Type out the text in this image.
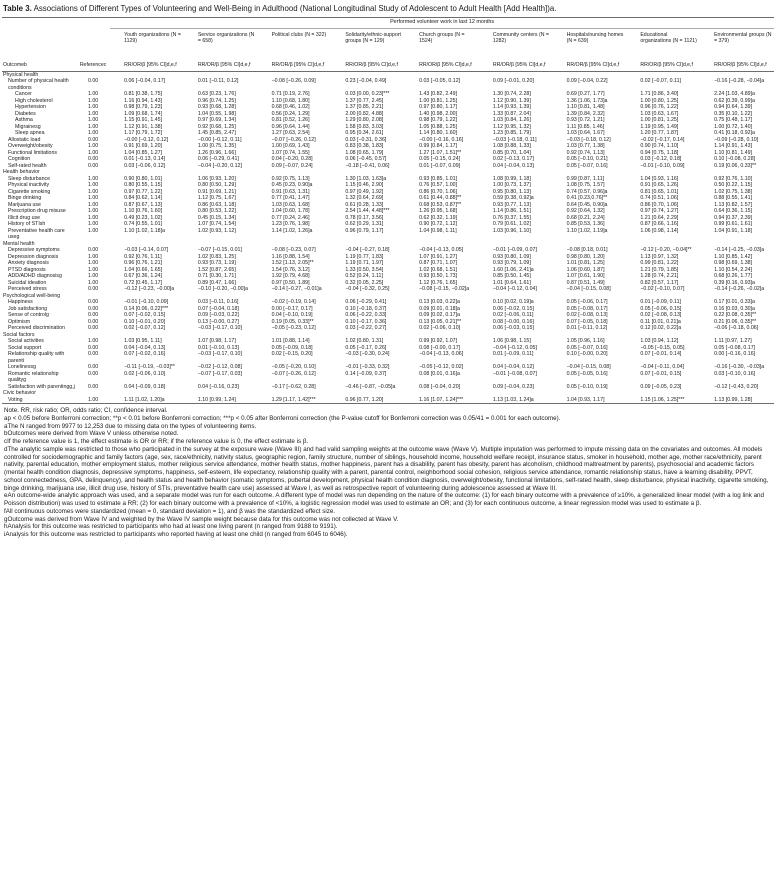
Table 3. Associations of Different Types of Volunteering and Well-Being in Adulthood (National Longitudinal Study of Adolescent to Adult Health [Add Health])a.
		Performed volunteer work in last 12 months								
		Youth organizations (N = 1129)	Service organizations (N = 658)	Political clubs (N = 322)	Solidarity/ethnic-support groups (N = 129)	Church groups (N = 1524)	Community centers (N = 1282)	Hospitals/nursing homes (N = 639)	Educational organizations (N = 1121)	Environmental groups (N = 379)
Outcomeb	Referencec	RR/OR/β [95% CI]d,e,f	RR/OR/β [95% CI]d,e,f	RR/OR/β [95% CI]d,e,f	RR/OR/β [95% CI]d,e,f	RR/OR/β [95% CI]d,e,f	RR/OR/β [95% CI]d,e,f	RR/OR/β [95% CI]d,e,f	RR/OR/β [95% CI]d,e,f	RR/OR/β [95% CI]d,e,f
Physical health										
Number of physical health conditions	0.00	0.06 [−0.04, 0.17]	0.01 [−0.11, 0.12]	−0.08 [−0.26, 0.09]	0.23 [−0.04, 0.49]	0.03 [−0.05, 0.12]	0.09 [−0.01, 0.20]	0.09 [−0.04, 0.22]	0.02 [−0.07, 0.11]	−0.16 [−0.28, −0.04]a
Cancer	1.00	0.81 [0.38, 1.75]	0.63 [0.23, 1.76]	0.71 [0.19, 2.76]	0.03 [0.00, 0.23]***	1.43 [0.82, 2.49]	1.30 [0.74, 2.28]	0.69 [0.27, 1.77]	1.71 [0.86, 3.40]	2.24 [1.03, 4.89]a
High cholesterol	1.00	1.16 [0.94, 1.43]	0.96 [0.74, 1.25]	1.10 [0.68, 1.80]	1.37 [0.77, 2.45]	1.00 [0.81, 1.25]	1.12 [0.90, 1.39]	1.36 [1.06, 1.73]a	1.00 [0.80, 1.25]	0.62 [0.39, 0.99]a
Hypertension	1.00	0.98 [0.79, 1.23]	0.93 [0.68, 1.28]	0.68 [0.46, 1.02]	1.37 [0.85, 2.21]	0.97 [0.80, 1.17]	1.14 [0.93, 1.39]	1.10 [0.81, 1.48]	0.96 [0.76, 1.22]	0.94 [0.64, 1.39]
Diabetes	1.00	1.09 [0.68, 1.74]	1.04 [0.55, 1.98]	0.56 [0.24, 1.29]	2.00 [0.82, 4.88]	1.40 [0.98, 2.00]	1.33 [0.87, 2.04]	1.39 [0.84, 2.32]	1.03 [0.63, 1.67]	0.35 [0.10, 1.22]
Asthma	1.00	1.15 [0.91, 1.45]	0.97 [0.69, 1.34]	0.81 [0.52, 1.26]	1.29 [0.80, 2.08]	0.98 [0.79, 1.22]	1.03 [0.84, 1.26]	0.93 [0.72, 1.21]	1.00 [0.81, 1.25]	0.75 [0.48, 1.17]
Migrainesg	1.00	1.12 [0.91, 1.38]	0.92 [0.68, 1.25]	0.96 [0.64, 1.44]	1.58 [0.83, 3.03]	1.05 [0.88, 1.25]	1.12 [0.95, 1.32]	1.11 [0.85, 1.46]	1.19 [0.95, 1.49]	1.00 [0.72, 1.40]
Sleep apnea	1.00	1.17 [0.79, 1.72]	1.45 [0.85, 2.47]	1.27 [0.63, 2.54]	0.95 [0.34, 2.61]	1.14 [0.80, 1.60]	1.23 [0.85, 1.79]	1.03 [0.64, 1.67]	1.20 [0.77, 1.87]	0.41 [0.18, 0.92]a
Allostatic load	0.00	−0.00 [−0.12, 0.12]	−0.00 [−0.12, 0.11]	−0.07 [−0.26, 0.12]	0.03 [−0.31, 0.36]	−0.00 [−0.16, 0.16]	−0.03 [−0.18, 0.11]	−0.03 [−0.18, 0.12]	−0.02 [−0.17, 0.14]	−0.09 [−0.28, 0.10]
Overweight/obesity	1.00	0.91 [0.69, 1.20]	1.00 [0.75, 1.35]	1.00 [0.69, 1.43]	0.83 [0.38, 1.83]	0.99 [0.84, 1.17]	1.08 [0.88, 1.33]	1.03 [0.77, 1.38]	0.90 [0.74, 1.10]	1.14 [0.91, 1.43]
Functional limitations	1.00	1.04 [0.85, 1.27]	1.26 [0.96, 1.66]	1.07 [0.74, 1.55]	1.08 [0.65, 1.79]	1.27 [1.07, 1.51]**	0.85 [0.70, 1.04]	0.92 [0.74, 1.13]	0.94 [0.75, 1.18]	1.10 [0.81, 1.49]
Cognition	0.00	0.01 [−0.13, 0.14]	0.06 [−0.29, 0.41]	0.04 [−0.20, 0.28]	0.06 [−0.45, 0.57]	0.05 [−0.15, 0.24]	0.02 [−0.13, 0.17]	0.05 [−0.10, 0.21]	0.03 [−0.12, 0.18]	0.10 [−0.08, 0.28]
Self-rated health	0.00	0.03 [−0.06, 0.12]	−0.04 [−0.20, 0.12]	0.09 [−0.07, 0.24]	−0.18 [−0.41, 0.06]	0.01 [−0.07, 0.09]	0.04 [−0.04, 0.13]	0.05 [−0.07, 0.16]	−0.01 [−0.10, 0.09]	0.19 [0.06, 0.33]**
Health behavior										
Sleep disturbance	1.00	0.90 [0.80, 1.01]	1.06 [0.93, 1.20]	0.92 [0.75, 1.13]	1.30 [1.03, 1.63]a	0.93 [0.85, 1.01]	1.08 [0.99, 1.18]	0.99 [0.87, 1.11]	1.04 [0.93, 1.16]	0.92 [0.76, 1.10]
Physical inactivity	1.00	0.80 [0.55, 1.15]	0.80 [0.50, 1.29]	0.45 [0.23, 0.90]a	1.15 [0.46, 2.90]	0.76 [0.57, 1.00]	1.00 [0.73, 1.37]	1.08 [0.75, 1.57]	0.91 [0.65, 1.26]	0.50 [0.22, 1.15]
Cigarette smoking	1.00	0.97 [0.77, 1.22]	0.91 [0.69, 1.21]	0.91 [0.63, 1.31]	0.97 [0.49, 1.92]	0.86 [0.70, 1.06]	0.95 [0.80, 1.13]	0.74 [0.57, 0.96]a	0.81 [0.65, 1.01]	1.02 [0.75, 1.38]
Binge drinking	1.00	0.84 [0.62, 1.14]	1.12 [0.75, 1.67]	0.77 [0.41, 1.47]	1.32 [0.64, 2.69]	0.61 [0.44, 0.88]**	0.59 [0.38, 0.92]a	0.41 [0.23,0.76]**	0.74 [0.51, 1.06]	0.88 [0.55, 1.41]
Marijuana use	1.00	0.87 [0.67, 1.13]	0.86 [0.63, 1.18]	1.03 [0.63, 1.68]	0.61 [0.28, 1.33]	0.68 [0.53, 0.87]**	0.93 [0.77, 1.13]	0.64 [0.45, 0.90]a	0.86 [0.70, 1.06]	1.13 [0.82, 1.57]
Prescription drug misuse	1.00	1.10 [0.76, 1.60]	0.80 [0.53, 1.22]	1.04 [0.60, 1.78]	2.54 [1.44, 4.48]***	1.26 [0.95, 1.68]	1.14 [0.86, 1.51]	0.92 [0.64, 1.32]	0.97 [0.74, 1.27]	0.64 [0.36, 1.15]
Illicit drug use	1.00	0.49 [0.23, 1.02]	0.45 [0.15, 1.34]	0.77 [0.24, 2.46]	0.78 [0.17, 3.56]	0.62 [0.32, 1.19]	0.76 [0.37, 1.55]	0.68 [0.21, 2.24]	1.21 [0.64, 2.29]	0.94 [0.37, 2.39]
History of STIsh	1.00	0.74 [0.55, 1.01]	1.07 [0.74, 1.54]	1.23 [0.76, 1.98]	0.62 [0.29, 1.31]	0.90 [0.72, 1.12]	0.79 [0.61, 1.02]	0.85 [0.53, 1.36]	0.87 [0.66, 1.16]	0.99 [0.61, 1.61]
Preventative health care useg	1.00	1.10 [1.02, 1.18]a	1.02 [0.93, 1.12]	1.14 [1.02, 1.26]a	0.96 [0.79, 1.17]	1.04 [0.98, 1.11]	1.03 [0.96, 1.10]	1.10 [1.02, 1.19]a	1.06 [0.98, 1.14]	1.04 [0.91, 1.18]
Mental health										
Depressive symptoms	0.00	−0.03 [−0.14, 0.07]	−0.07 [−0.15, 0.01]	−0.08 [−0.23, 0.07]	−0.04 [−0.27, 0.18]	−0.04 [−0.13, 0.05]	−0.01 [−0.09, 0.07]	−0.08 [0.18, 0.01]	−0.12 [−0.20, −0.04]**	−0.14 [−0.25, −0.03]a
Depression diagnosis	1.00	0.92 [0.76, 1.11]	1.02 [0.83, 1.25]	1.16 [0.88, 1.54]	1.19 [0.77, 1.83]	1.07 [0.91, 1.27]	0.93 [0.80, 1.09]	0.98 [0.80, 1.20]	1.13 [0.97, 1.32]	1.10 [0.85, 1.42]
Anxiety diagnosis	1.00	0.96 [0.76, 1.21]	0.93 [0.73, 1.19]	1.52 [1.13, 2.05]**	1.19 [0.71, 1.97]	0.87 [0.71, 1.07]	0.93 [0.79, 1.09]	1.01 [0.81, 1.25]	0.99 [0.81, 1.22]	0.98 [0.69, 1.38]
PTSD diagnosis	1.00	1.04 [0.66, 1.65]	1.52 [0.87, 2.65]	1.54 [0.76, 3.12]	1.33 [0.50, 3.54]	1.02 [0.68, 1.51]	1.60 [1.06, 2.41]a	1.06 [0.60, 1.87]	1.21 [0.79, 1.85]	1.10 [0.54, 2.24]
ADD/ADHD diagnosisg	1.00	0.67 [0.36, 1.24]	0.71 [0.30, 1.71]	1.92 [0.79, 4.68]	0.52 [0.24, 1.11]	0.93 [0.50, 1.73]	0.85 [0.50, 1.45]	1.07 [0.61, 1.90]	1.28 [0.74, 2.21]	0.68 [0.26, 1.77]
Suicidal ideation	1.00	0.72 [0.45, 1.17]	0.89 [0.47, 1.66]	0.97 [0.50, 1.89]	0.32 [0.05, 2.25]	1.12 [0.76, 1.65]	1.01 [0.64, 1.61]	0.87 [0.51, 1.49]	0.82 [0.57, 1.17]	0.39 [0.16, 0.93]a
Perceived stress	0.00	−0.12 [−0.23, −0.00]a	−0.10 [−0.20, −0.00]a	−0.14 [−0.27, −0.01]a	−0.04 [−0.32, 0.25]	−0.08 [−0.15, −0.02]a	−0.04 [−0.12, 0.04]	−0.04 [−0.15, 0.08]	−0.02 [−0.10, 0.07]	−0.14 [−0.26, −0.02]a
Psychological well-being										
Happiness	0.00	−0.01 [−0.10, 0.09]	0.03 [−0.11, 0.16]	−0.02 [−0.19, 0.14]	0.06 [−0.29, 0.41]	0.13 [0.03, 0.22]a	0.10 [0.02, 0.19]a	0.05 [−0.06, 0.17]	0.01 [−0.09, 0.11]	0.17 [0.01, 0.33]a
Job satisfactiong	0.00	0.14 [0.06, 0.22]***	0.07 [−0.04, 0.18]	0.00 [−0.17, 0.17]	0.10 [−0.18, 0.37]	0.09 [0.01, 0.18]a	0.06 [−0.02, 0.15]	0.05 [−0.08, 0.17]	0.05 [−0.06, 0.15]	0.16 [0.03, 0.30]a
Sense of controlg	0.00	0.07 [−0.02, 0.15]	0.09 [−0.03, 0.22]	0.04 [−0.10, 0.19]	0.06 [−0.22, 0.33]	0.09 [0.02, 0.17]a	0.02 [−0.06, 0.11]	0.02 [−0.08, 0.13]	0.02 [−0.08, 0.13]	0.22 [0.08, 0.35]**
Optimism	0.00	0.10 [−0.01, 0.20]	0.13 [−0.00, 0.27]	0.19 [0.05, 0.33]**	0.10 [−0.17, 0.36]	0.13 [0.05, 0.21]**	0.08 [−0.00, 0.16]	0.07 [−0.05, 0.18]	0.11 [0.01, 0.21]a	0.21 [0.06, 0.35]**
Perceived discrimination	0.00	0.02 [−0.07, 0.12]	−0.03 [−0.17, 0.10]	−0.05 [−0.23, 0.12]	0.03 [−0.22, 0.27]	0.02 [−0.06, 0.10]	0.06 [−0.03, 0.15]	0.01 [−0.11, 0.12]	0.12 [0.02, 0.22]a	−0.06 [−0.18, 0.06]
Social factors										
Social activities	1.00	1.03 [0.95, 1.11]	1.07 [0.98, 1.17]	1.01 [0.88, 1.14]	1.02 [0.80, 1.31]	0.99 [0.92, 1.07]	1.06 [0.98, 1.15]	1.05 [0.96, 1.16]	1.03 [0.94, 1.12]	1.11 [0.97, 1.27]
Social support	0.00	0.04 [−0.04, 0.13]	0.01 [−0.10, 0.13]	0.05 [−0.09, 0.18]	0.05 [−0.17, 0.26]	0.08 [−0.00, 0.17]	−0.04 [−0.12, 0.05]	0.05 [−0.07, 0.16]	−0.05 [−0.15, 0.05]	0.05 [−0.08, 0.17]
Relationship quality with parenti	0.00	0.07 [−0.02, 0.16]	−0.03 [−0.17, 0.10]	0.02 [−0.15, 0.20]	−0.03 [−0.30, 0.24]	−0.04 [−0.13, 0.06]	0.01 [−0.09, 0.11]	0.10 [−0.00, 0.20]	0.07 [−0.01, 0.14]	0.00 [−0.16, 0.16]
Lonelinessg	0.00	−0.11 [−0.19, −0.03]**	−0.02 [−0.12, 0.08]	−0.05 [−0.20, 0.10]	−0.01 [−0.33, 0.32]	−0.05 [−0.12, 0.02]	0.04 [−0.04, 0.12]	−0.04 [−0.15, 0.08]	−0.04 [−0.11, 0.04]	−0.16 [−0.30, −0.03]a
Romantic relationship qualityg	0.00	0.02 [−0.06, 0.10]	−0.07 [−0.17, 0.03]	−0.07 [−0.26, 0.12]	0.14 [−0.09, 0.37]	0.08 [0.01, 0.16]a	−0.01 [−0.08, 0.07]	0.05 [−0.05, 0.16]	0.07 [−0.01, 0.15]	0.03 [−0.10, 0.16]
Satisfaction with parentingg,j	0.00	0.04 [−0.09, 0.18]	0.04 [−0.16, 0.23]	−0.17 [−0.62, 0.28]	−0.46 [−0.87, −0.05]a	0.08 [−0.04, 0.20]	0.09 [−0.04, 0.23]	0.05 [−0.10, 0.19]	0.09 [−0.05, 0.23]	−0.12 [−0.43, 0.20]
Civic behavior										
Voting	1.00	1.11 [1.02, 1.20]a	1.10 [0.99, 1.24]	1.29 [1.17, 1.42]***	0.96 [0.77, 1.20]	1.16 [1.07, 1.24]***	1.13 [1.03, 1.24]a	1.04 [0.93, 1.17]	1.15 [1.06, 1.25]***	1.13 [0.99, 1.28]

Note. RR, risk ratio; OR, odds ratio; CI, confidence interval.

ap < 0.05 before Bonferroni correction; **p < 0.01 before Bonferroni correction; ***p < 0.05 after Bonferroni correction (the P-value cutoff for Bonferroni correction was 0.05/41 = 0.001 for each outcome).

aThe N ranged from 9977 to 12,253 due to missing data on the types of volunteering items.

bOutcomes were derived from Wave V unless otherwise noted.

cIf the reference value is 1, the effect estimate is OR or RR; if the reference value is 0, the effect estimate is β.

dThe analytic sample was restricted to those who participated in the survey at the exposure wave (Wave III) and had valid sampling weights at the outcome wave (Wave V). Multiple imputation was performed to impute missing data on the covariates and outcomes. All models controlled for sociodemographic and family factors (age, sex, race/ethnicity, nativity status, geographic region, family structure, number of siblings, household income, household welfare receipt, insurance status, smoker in household, mother age, mother race/ethnicity, parent nativity, parental education, mother employment status, mother religious service attendance, mother health status, mother happiness, parent has a disability, parent has obesity, parent has alcoholism, childhood maltreatment by parents), psychosocial and academic factors (mental health condition diagnosis, depressive symptoms, happiness, self-esteem, life expectancy, relationship quality with a parent, parental control, neighborhood social cohesion, religious service attendance, romantic relationship status, have a learning disability, PPVT, school connectedness, GPA, delinquency), and health status and health behavior (somatic symptoms, pubertal development, physical health condition diagnosis, overweight/obesity, functional limitations, self-rated health, sleep disturbance, physical inactivity, cigarette smoking, binge drinking, marijuana use, illicit drug use, history of STIs, preventative health care use) assessed at Wave I, as well as retrospective report of volunteering during adolescence assessed at Wave III.

eAn outcome-wide analytic approach was used, and a separate model was run for each outcome. A different type of model was run depending on the nature of the outcome: (1) for each binary outcome with a prevalence of ≥10%, a generalized linear model (with a log link and Poisson distribution) was used to estimate a RR; (2) for each binary outcome with a prevalence of <10%, a logistic regression model was used to estimate an OR; and (3) for each continuous outcome, a linear regression model was used to estimate a β.

fAll continuous outcomes were standardized (mean = 0, standard deviation = 1), and β was the standardized effect size.

gOutcome was derived from Wave IV and weighted by the Wave IV sample weight because data for this outcome was not collected at Wave V.

hAnalysis for this outcome was restricted to participants who had at least one living parent (n ranged from 9188 to 9191).

iAnalysis for this outcome was restricted to participants who reported having at least one child (n ranged from 6045 to 6046).
